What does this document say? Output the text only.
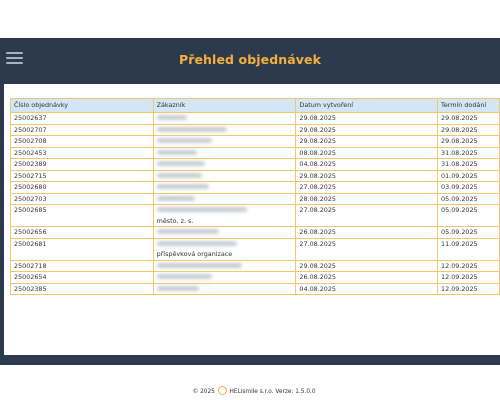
Přehled objednávek
Číslo objednávky	Zákazník	Datum vytvoření	Termín dodání
25002637		29.08.2025	29.08.2025
25002707		29.08.2025	29.08.2025
25002708		29.08.2025	29.08.2025
25002453		08.08.2025	31.08.2025
25002389		04.08.2025	31.08.2025
25002715		29.08.2025	01.09.2025
25002680		27.08.2025	03.09.2025
25002703		28.08.2025	05.09.2025
25002685	město, z. s.	27.08.2025	05.09.2025
25002656		26.08.2025	05.09.2025
25002681	příspěvková organizace	27.08.2025	11.09.2025
25002718		29.08.2025	12.09.2025
25002654		26.08.2025	12.09.2025
25002385		04.08.2025	12.09.2025
© 2025	HELismile s.r.o. Verze: 1.5.0.0
